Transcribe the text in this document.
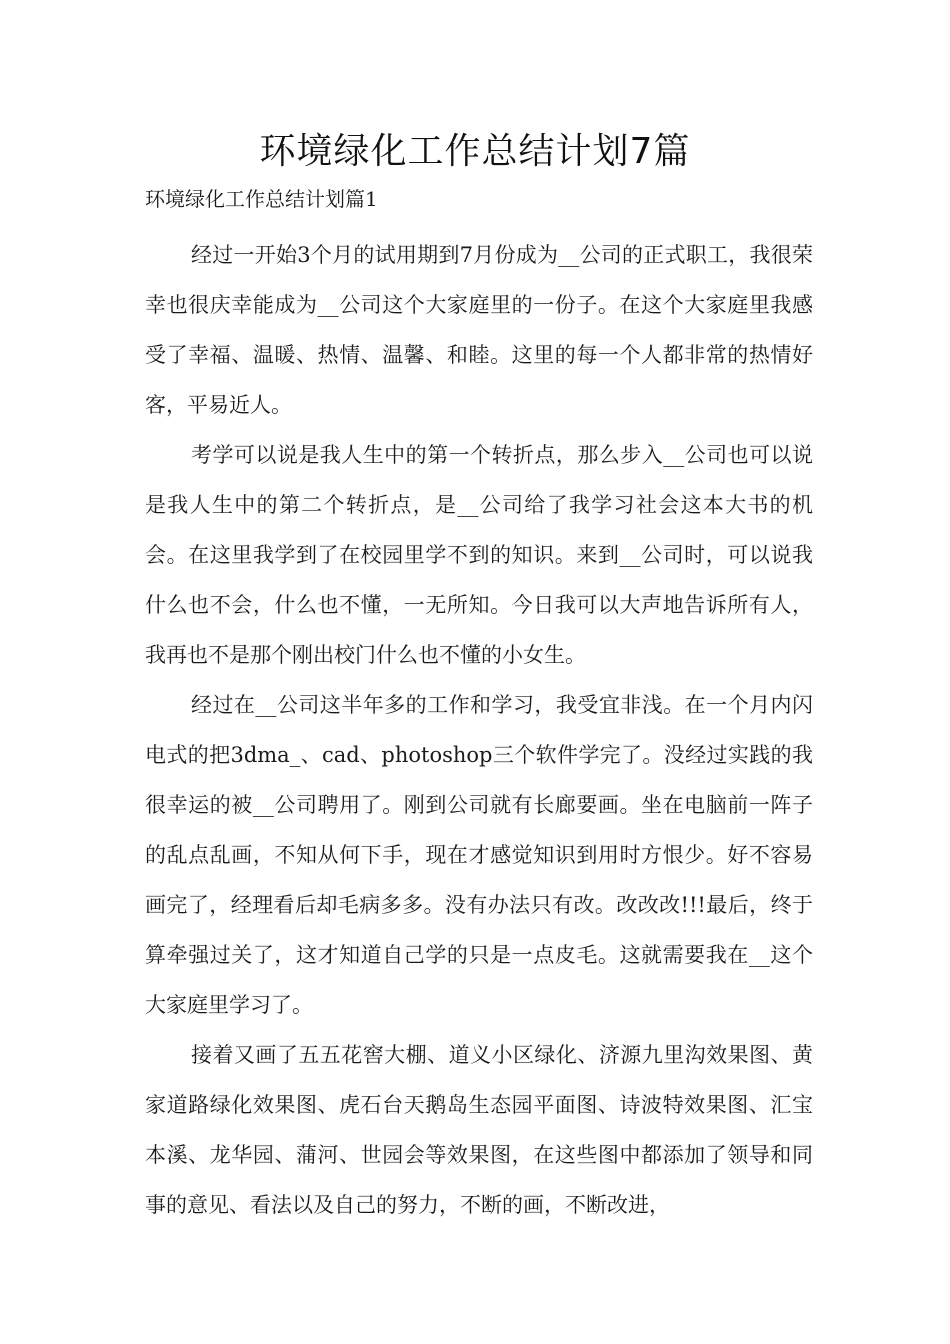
环境绿化工作总结计划7篇

环境绿化工作总结计划篇1

经过一开始3个月的试用期到7月份成为__公司的正式职工，我很荣幸也很庆幸能成为__公司这个大家庭里的一份子。在这个大家庭里我感受了幸福、温暖、热情、温馨、和睦。这里的每一个人都非常的热情好客，平易近人。

考学可以说是我人生中的第一个转折点，那么步入__公司也可以说是我人生中的第二个转折点，是__公司给了我学习社会这本大书的机会。在这里我学到了在校园里学不到的知识。来到__公司时，可以说我什么也不会，什么也不懂，一无所知。今日我可以大声地告诉所有人，我再也不是那个刚出校门什么也不懂的小女生。

经过在__公司这半年多的工作和学习，我受宜非浅。在一个月内闪电式的把3dma_、cad、photoshop三个软件学完了。没经过实践的我很幸运的被__公司聘用了。刚到公司就有长廊要画。坐在电脑前一阵子的乱点乱画，不知从何下手，现在才感觉知识到用时方恨少。好不容易画完了，经理看后却毛病多多。没有办法只有改。改改改!!!最后，终于算牵强过关了，这才知道自己学的只是一点皮毛。这就需要我在__这个大家庭里学习了。

接着又画了五五花窖大棚、道义小区绿化、济源九里沟效果图、黄家道路绿化效果图、虎石台天鹅岛生态园平面图、诗波特效果图、汇宝本溪、龙华园、蒲河、世园会等效果图，在这些图中都添加了领导和同事的意见、看法以及自己的努力，不断的画，不断改进，
